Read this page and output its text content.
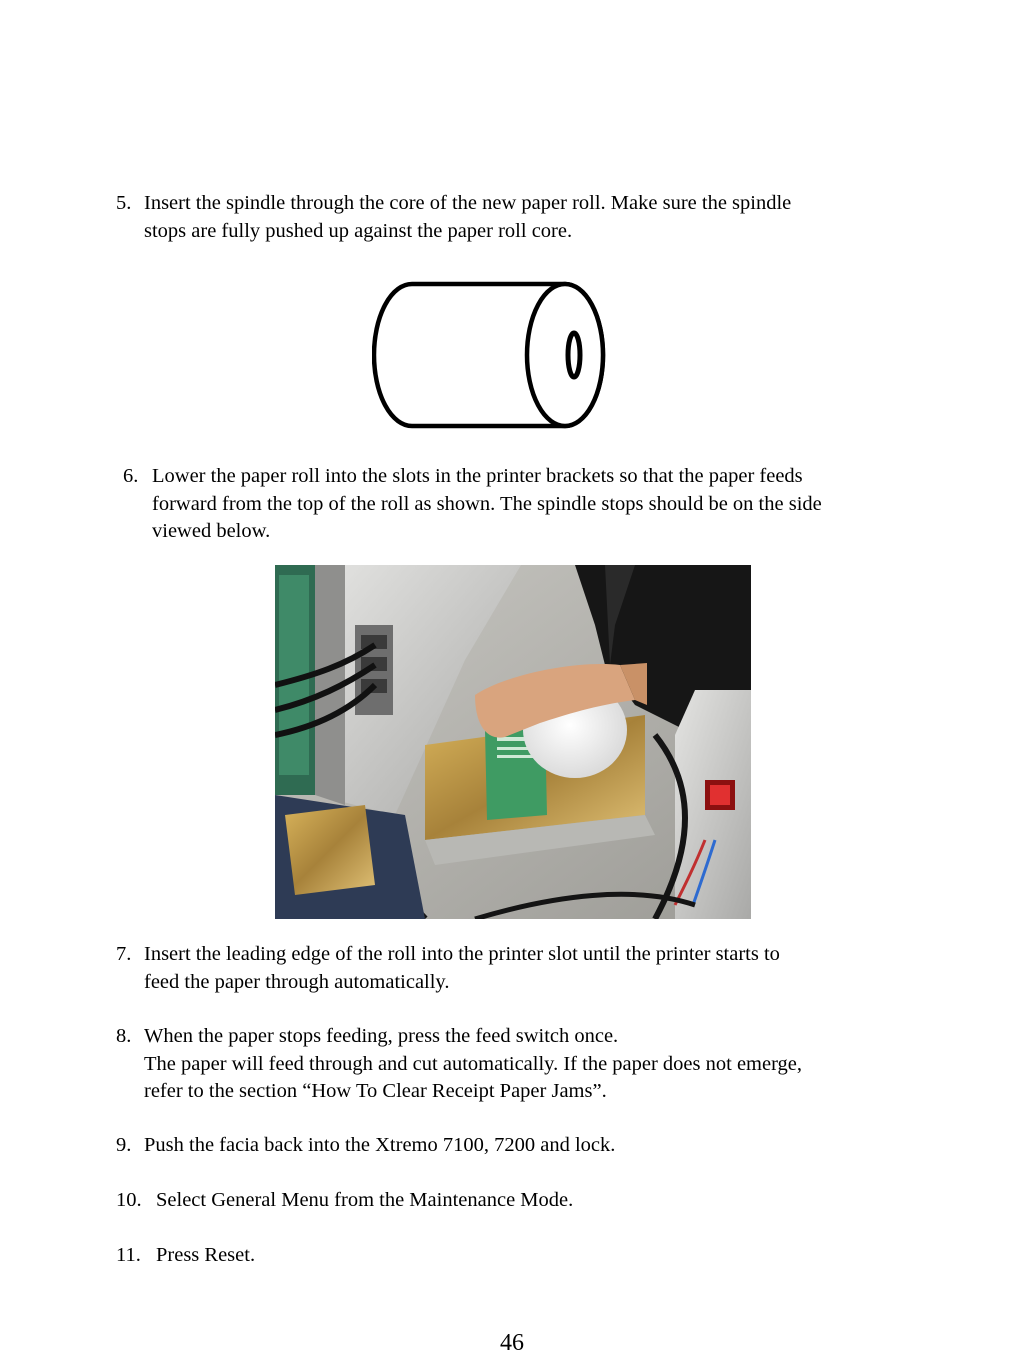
5. Insert the spindle through the core of the new paper roll. Make sure the spindle
stops are fully pushed up against the paper roll core.
6. Lower the paper roll into the slots in the printer brackets so that the paper feeds
forward from the top of the roll as shown. The spindle stops should be on the side
viewed below.
7. Insert the leading edge of the roll into the printer slot until the printer starts to
feed the paper through automatically.
8. When the paper stops feeding, press the feed switch once.
The paper will feed through and cut automatically. If the paper does not emerge,
refer to the section “How To Clear Receipt Paper Jams”.
9. Push the facia back into the Xtremo 7100, 7200 and lock.
10. Select General Menu from the Maintenance Mode.
11. Press Reset.
46
